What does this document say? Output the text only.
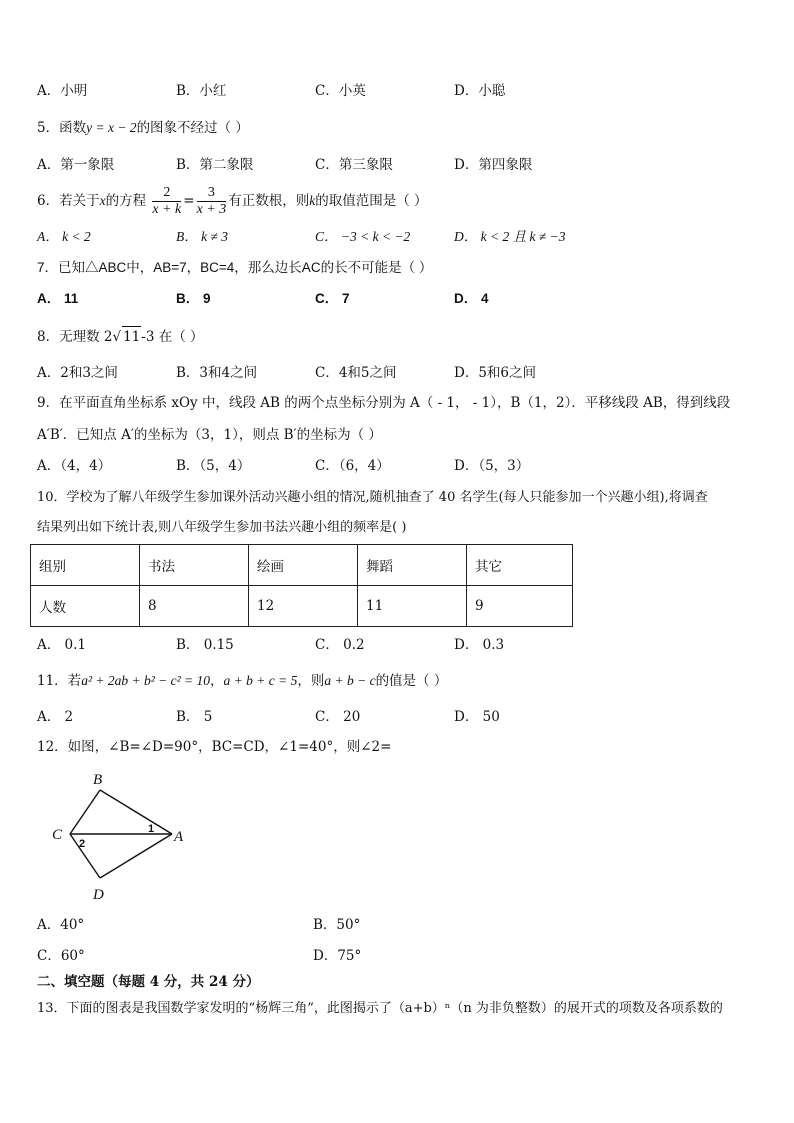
A．小明	B．小红	C．小英	D．小聪
5．函数y = x − 2的图象不经过（ ）
A．第一象限	B．第二象限	C．第三象限	D．第四象限
6．若关于x的方程 $\frac{2}{x + k} = \frac{3}{x + 3}$ 有正数根，则k的取值范围是（ ）
A． k < 2	B． k ≠ 3	C． −3 < k < −2	D． k < 2 且 k ≠ −3
7．已知△ABC中，AB=7，BC=4，那么边长AC的长不可能是（ ）
A． 11	B． 9	C． 7	D． 4
8．无理数 2√ 11-3 在（ ）
A．2和3之间	B．3和4之间	C．4和5之间	D．5和6之间
9．在平面直角坐标系 xOy 中，线段 AB 的两个点坐标分别为 A（ - 1， - 1），B（1，2）．平移线段 AB，得到线段
A′B′．已知点 A′的坐标为（3，1），则点 B′的坐标为（ ）
A．（4，4）	B．（5，4）	C．（6，4）	D．（5，3）
10．学校为了解八年级学生参加课外活动兴趣小组的情况,随机抽查了 40 名学生(每人只能参加一个兴趣小组),将调查
结果列出如下统计表,则八年级学生参加书法兴趣小组的频率是( )
组别	书法	绘画	舞蹈	其它
人数	8	12	11	9
A． 0.1	B． 0.15	C． 0.2	D． 0.3
11．若a² + 2ab + b² − c² = 10，a + b + c = 5，则a + b − c的值是（ ）
A． 2	B． 5	C． 20	D． 50
12．如图，∠B=∠D=90°，BC=CD，∠1=40°，则∠2=
B
C	A
D
1
2
A．40°	B．50°
C．60°	D．75°
二、填空题（每题 4 分，共 24 分）
13．下面的图表是我国数学家发明的“杨辉三角”，此图揭示了（a+b）ⁿ（n 为非负整数）的展开式的项数及各项系数的
